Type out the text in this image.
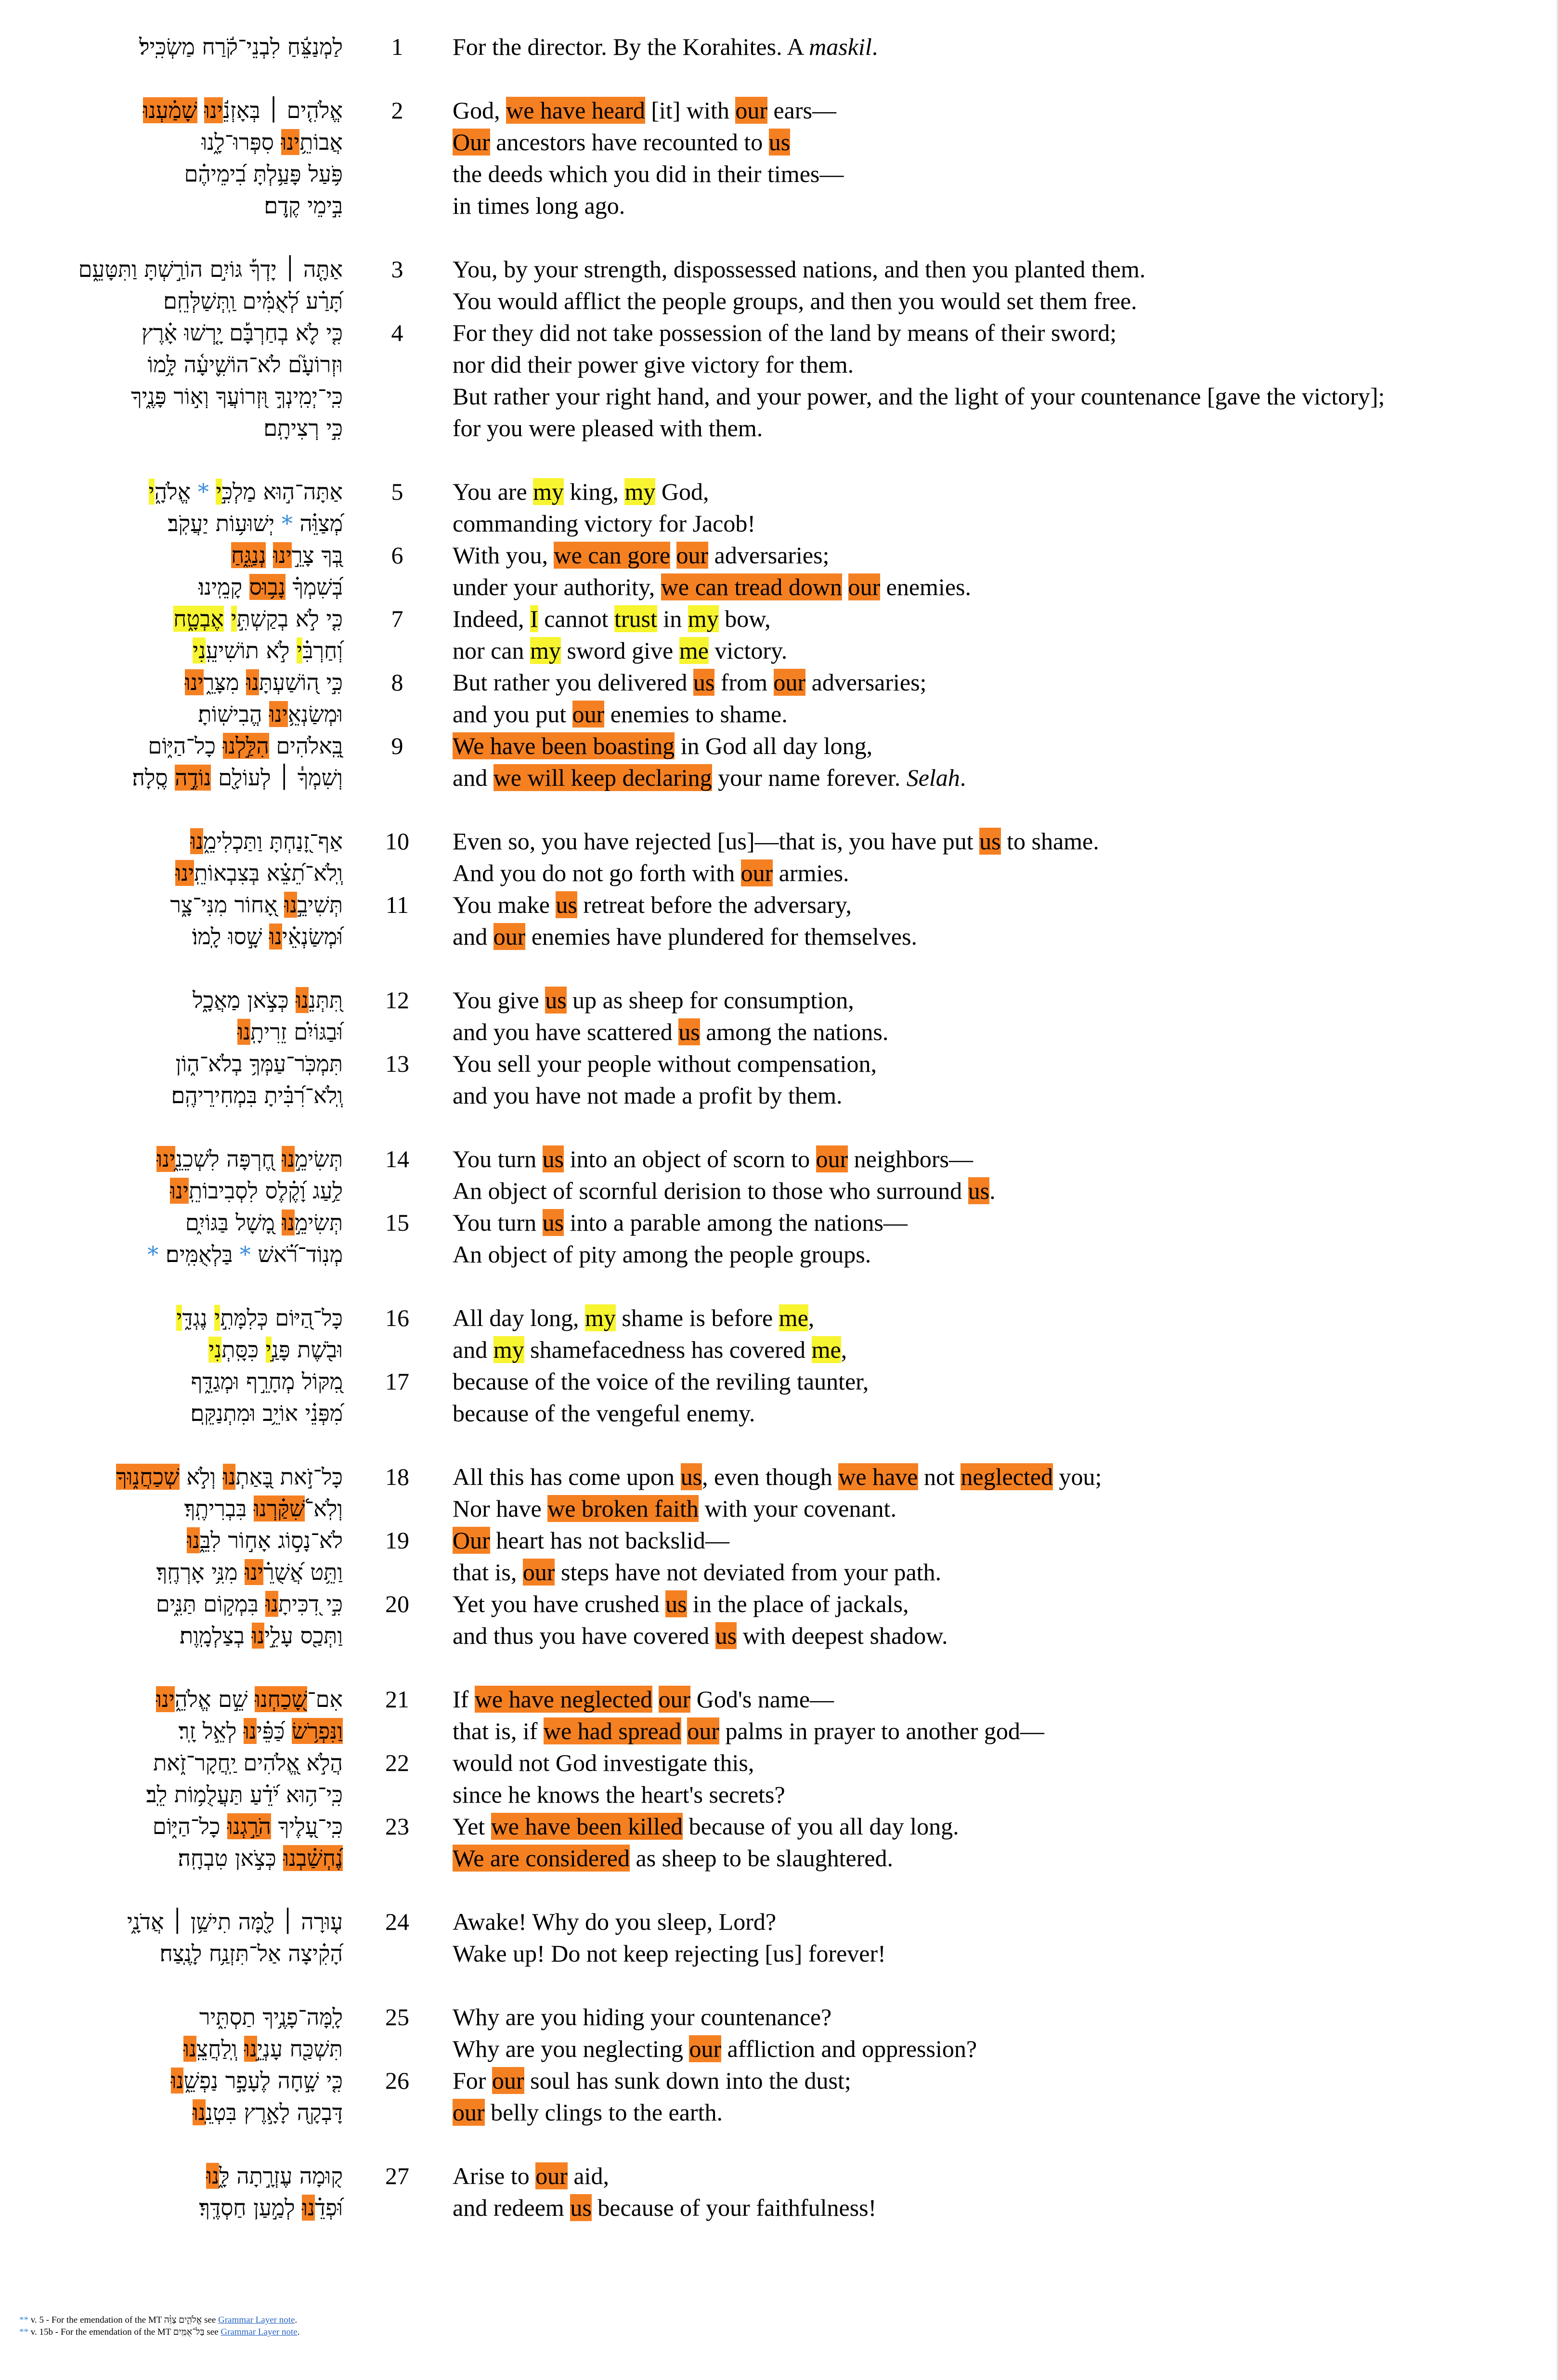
לַמְנַצֵּ֬חַ לִבְנֵי־קֹ֬רַח מַשְׂכִּֽיל׃	1	For the director. By the Korahites. A maskil.
אֱלֹהִ֤ים ׀ בְּאָזְנֵ֬ינוּ שָׁמַ֗עְנוּ	2	God, we have heard [it] with our ears—
אֲבוֹתֵ֥ינוּ סִפְּרוּ־לָ֑נוּ	Our ancestors have recounted to us
פֹּ֥עַל פָּעַ֥לְתָּ בִ֝ימֵיהֶ֗ם	the deeds which you did in their times—
בִּ֣ימֵי קֶֽדֶם׃	in times long ago.
אַתָּ֤ה ׀ יָדְךָ֡ גּוֹיִ֣ם הוֹרַ֣שְׁתָּ וַתִּטָּעֵ֑ם	3	You, by your strength, dispossessed nations, and then you planted them.
תָּ֝רַ֗ע לְ֝אֻמִּ֗ים וַֽתְּשַׁלְּחֵֽם׃	You would afflict the people groups, and then you would set them free.
כִּ֤י לֹ֪א בְחַרְבָּ֡ם יָ֤רְשׁוּ אָ֗רֶץ	4	For they did not take possession of the land by means of their sword;
וּזְרוֹעָ֮ם לֹא־הוֹשִׁ֪יעָ֫ה לָּ֥מוֹ	nor did their power give victory for them.
כִּֽי־יְמִֽינְךָ֣ וּ֭זְרוֹעֲךָ וְא֣וֹר פָּנֶ֑יךָ	But rather your right hand, and your power, and the light of your countenance [gave the victory];
כִּ֣י רְצִיתָֽם׃	for you were pleased with them.
אַתָּה־ה֣וּא מַלְכִּ֣י * אֱלֹהָ֑י	5	You are my king, my God,
מְ֝צַוֵּ֗ה * יְשׁוּע֥וֹת יַעֲקֹֽב׃	commanding victory for Jacob!
בְּ֭ךָ צָרֵ֣ינוּ נְנַגֵּ֑חַ	6	With you, we can gore our adversaries;
בְּ֝שִׁמְךָ֗ נָב֥וּס קָמֵֽינוּ׃	under your authority, we can tread down our enemies.
כִּ֤י לֹ֣א בְקַשְׁתִּ֣י אֶבְטָ֑ח	7	Indeed, I cannot trust in my bow,
וְ֝חַרְבִּ֗י לֹ֣א תוֹשִׁיעֵֽנִי	nor can my sword give me victory.
כִּ֣י ה֭וֹשַׁעְתָּנוּ מִצָּרֵ֑ינוּ	8	But rather you delivered us from our adversaries;
וּמְשַׂנְאֵ֥ינוּ הֱבִישֽׁוֹתָ׃	and you put our enemies to shame.
בֵּֽ֭אלֹהִים הִלַּ֣לְנוּ כָל־הַיּ֑וֹם	9	We have been boasting in God all day long,
וְשִׁמְךָ֓ ׀ לְעוֹלָ֖ם נוֹדֶ֣ה סֶֽלָה׃	and we will keep declaring your name forever. Selah.
אַף־זָ֭נַחְתָּ וַתַּכְלִימֵ֑נוּ	10	Even so, you have rejected [us]—that is, you have put us to shame.
וְֽלֹא־תֵ֝צֵ֗א בְּצִבְאוֹתֵֽינוּ	And you do not go forth with our armies.
תְּשִׁיבֵ֣נוּ אָ֭חוֹר מִנִּי־צָ֑ר	11	You make us retreat before the adversary,
וּ֝מְשַׂנְאֵ֗ינוּ שָׁ֣סוּ לָֽמוֹ׃	and our enemies have plundered for themselves.
תִּ֭תְּנֵנוּ כְּצֹ֣אן מַאֲכָ֑ל	12	You give us up as sheep for consumption,
וּ֝בַגּוֹיִ֗ם זֵרִיתָֽנוּ	and you have scattered us among the nations.
תִּמְכֹּֽר־עַמְּךָ֥ בְלֹא־ה֑וֹן	13	You sell your people without compensation,
וְֽלֹא־רִ֝בִּ֗יתָ בִּמְחִירֵיהֶֽם׃	and you have not made a profit by them.
תְּשִׂימֵ֣נוּ חֶ֭רְפָּה לִשְׁכֵנֵ֑ינוּ	14	You turn us into an object of scorn to our neighbors—
לַ֥עַג וָ֝קֶ֗לֶס לִסְבִיבוֹתֵֽינוּ	An object of scornful derision to those who surround us.
תְּשִׂימֵ֣נוּ מָ֭שָׁל בַּגּוֹיִ֑ם	15	You turn us into a parable among the nations—
מְנֽוֹד־רֹ֝֗אשׁ * בַּלְאֻמִּֽים׃ *	An object of pity among the people groups.
כָּל־הַ֭יּוֹם כְּלִמָּתִ֣י נֶגְדִּ֑י	16	All day long, my shame is before me,
וּבֹ֖שֶׁת פָּנַ֣י כִּסָּֽתְנִי	and my shamefacedness has covered me,
מִ֭קּוֹל מְחָרֵ֣ף וּמְגַדֵּ֑ף	17	because of the voice of the reviling taunter,
מִ֝פְּנֵ֗י אוֹיֵ֥ב וּמִתְנַקֵּֽם׃	because of the vengeful enemy.
כָּל־זֹ֣את בָּ֭אַתְנוּ וְלֹ֣א שְׁכַחֲנ֑וּךָ	18	All this has come upon us, even though we have not neglected you;
וְלֹֽא־שִׁ֝קַּ֗רְנוּ בִּבְרִיתֶֽךָ׃	Nor have we broken faith with your covenant.
לֹא־נָס֣וֹג אָח֣וֹר לִבֵּ֑נוּ	19	Our heart has not backslid—
וַתֵּ֥ט אֲ֝שֻׁרֵ֗ינוּ מִנִּ֥י אָרְחֶֽךָ׃	that is, our steps have not deviated from your path.
כִּ֣י דִ֭כִּיתָנוּ בִּמְק֣וֹם תַּנִּ֑ים	20	Yet you have crushed us in the place of jackals,
וַתְּכַ֖ס עָלֵ֣ינוּ בְצַלְמָֽוֶת׃	and thus you have covered us with deepest shadow.
אִם־שָׁ֭כַחְנוּ שֵׁ֣ם אֱלֹהֵ֑ינוּ	21	If we have neglected our God's name—
וַנִּפְרֹ֥שׂ כַּ֝פֵּ֗ינוּ לְאֵ֣ל זָֽר׃	that is, if we had spread our palms in prayer to another god—
הֲלֹ֣א אֱ֭לֹהִים יַֽחֲקָר־זֹ֑את	22	would not God investigate this,
כִּֽי־ה֥וּא יֹ֝דֵ֗עַ תַּעֲלֻמ֥וֹת לֵֽב׃	since he knows the heart's secrets?
כִּֽי־עָ֭לֶיךָ הֹרַ֣גְנוּ כָל־הַיּ֑וֹם	23	Yet we have been killed because of you all day long.
נֶ֝חְשַׁ֗בְנוּ כְּצֹ֣אן טִבְחָֽה׃	We are considered as sheep to be slaughtered.
ע֤וּרָה ׀ לָ֖מָּה תִישַׁ֥ן ׀ אֲדֹנָ֑י	24	Awake! Why do you sleep, Lord?
הָ֝קִ֗יצָה אַל־תִּזְנַ֥ח לָנֶֽצַח׃	Wake up! Do not keep rejecting [us] forever!
לָֽמָּה־פָנֶ֥יךָ תַסְתִּ֑יר	25	Why are you hiding your countenance?
תִּשְׁכַּ֖ח עָנְיֵ֣נוּ וְֽלַחֲצֵֽנוּ	Why are you neglecting our affliction and oppression?
כִּ֤י שָׁ֣חָה לֶעָפָ֣ר נַפְשֵׁ֑נוּ	26	For our soul has sunk down into the dust;
דָּבְקָ֖ה לָאָ֣רֶץ בִּטְנֵֽנוּ	our belly clings to the earth.
ק֭וּמָה עֶזְרָ֣תָה לָּ֑נוּ	27	Arise to our aid,
וּ֝פְדֵ֗נוּ לְמַ֣עַן חַסְדֶּֽךָ׃	and redeem us because of your faithfulness!
** v. 5 - For the emendation of the MT אֱלֹהִ֑ים צַוֵּ֗ה see Grammar Layer note.
** v. 15b - For the emendation of the MT בַּל־אֻמִּֽים see Grammar Layer note.
